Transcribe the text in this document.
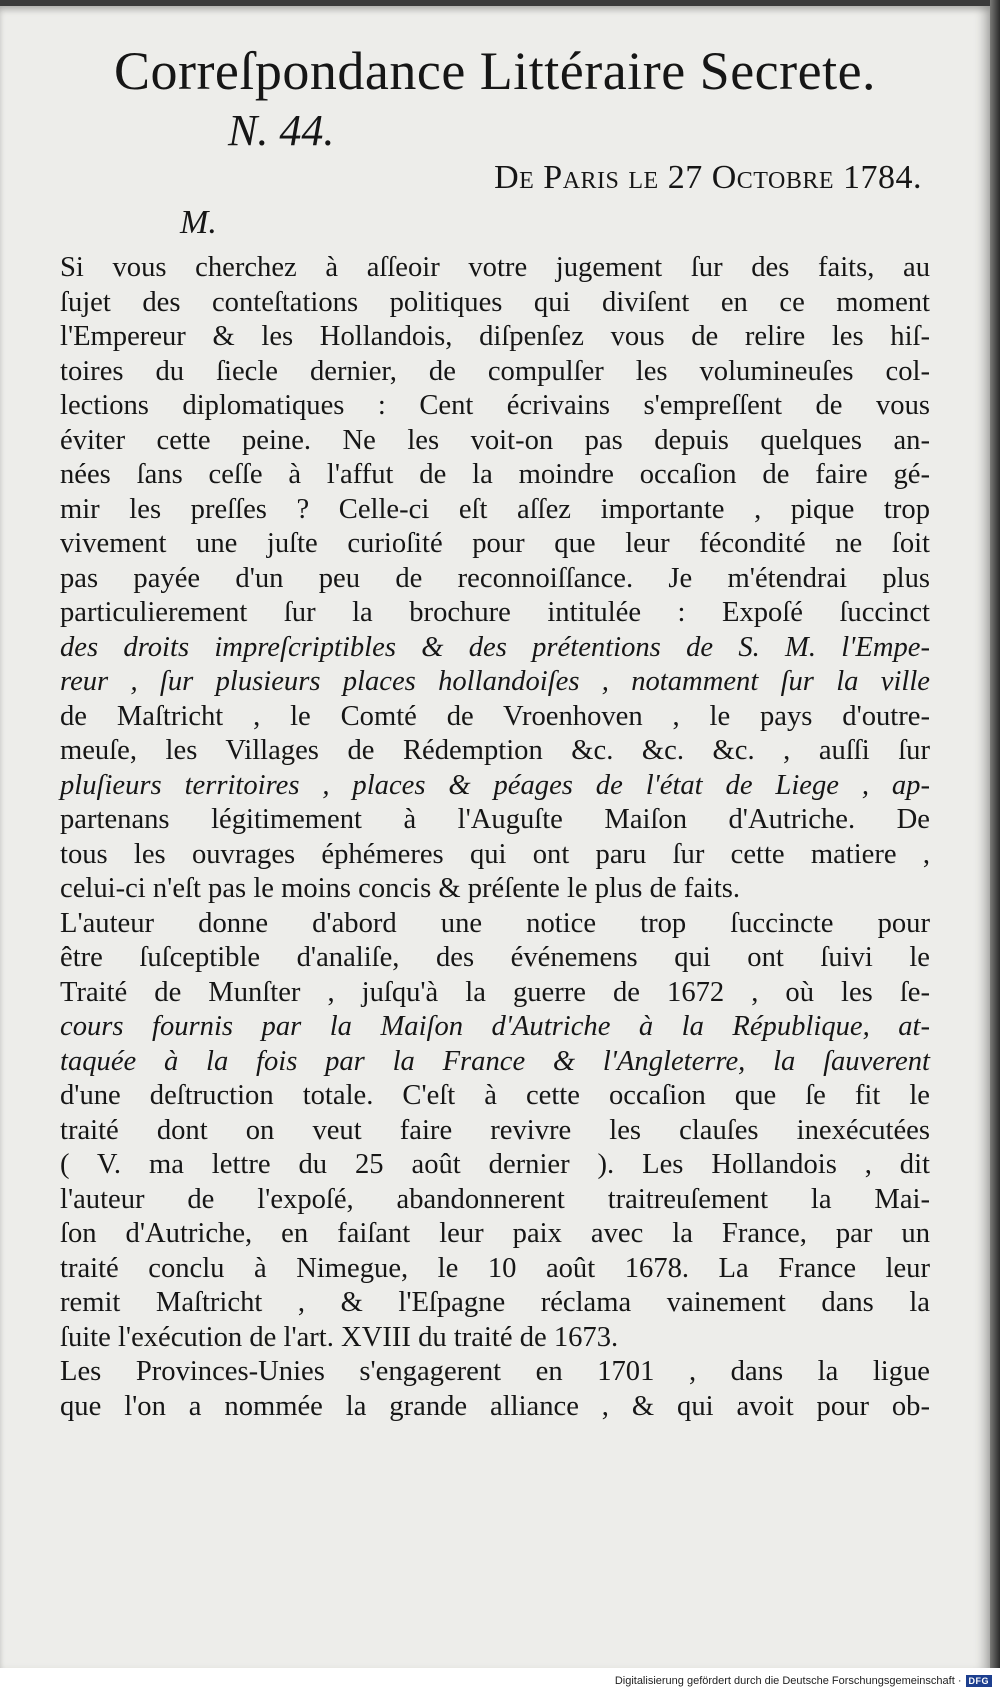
Correſpondance Littéraire Secrete.
N. 44.
De Paris le 27 Octobre 1784.
M.
Si vous cherchez à aſſeoir votre jugement ſur des faits, au
ſujet des conteſtations politiques qui diviſent en ce moment
l'Empereur & les Hollandois, diſpenſez vous de relire les hiſ-
toires du ſiecle dernier, de compulſer les volumineuſes col-
lections diplomatiques : Cent écrivains s'empreſſent de vous
éviter cette peine. Ne les voit-on pas depuis quelques an-
nées ſans ceſſe à l'affut de la moindre occaſion de faire gé-
mir les preſſes ? Celle-ci eſt aſſez importante , pique trop
vivement une juſte curioſité pour que leur fécondité ne ſoit
pas payée d'un peu de reconnoiſſance. Je m'étendrai plus
particulierement ſur la brochure intitulée : Expoſé ſuccinct
des droits impreſcriptibles & des prétentions de S. M. l'Empe-
reur , ſur plusieurs places hollandoiſes , notamment ſur la ville
de Maſtricht , le Comté de Vroenhoven , le pays d'outre-
meuſe, les Villages de Rédemption &c. &c. &c. , auſſi ſur
pluſieurs territoires , places & péages de l'état de Liege , ap-
partenans légitimement à l'Auguſte Maiſon d'Autriche. De
tous les ouvrages éphémeres qui ont paru ſur cette matiere ,
celui-ci n'eſt pas le moins concis & préſente le plus de faits.
L'auteur donne d'abord une notice trop ſuccincte pour
être ſuſceptible d'analiſe, des événemens qui ont ſuivi le
Traité de Munſter , juſqu'à la guerre de 1672 , où les ſe-
cours fournis par la Maiſon d'Autriche à la République, at-
taquée à la fois par la France & l'Angleterre, la ſauverent
d'une deſtruction totale. C'eſt à cette occaſion que ſe fit le
traité dont on veut faire revivre les clauſes inexécutées
( V. ma lettre du 25 août dernier ). Les Hollandois , dit
l'auteur de l'expoſé, abandonnerent traitreuſement la Mai-
ſon d'Autriche, en faiſant leur paix avec la France, par un
traité conclu à Nimegue, le 10 août 1678. La France leur
remit Maſtricht , & l'Eſpagne réclama vainement dans la
ſuite l'exécution de l'art. XVIII du traité de 1673.
Les Provinces-Unies s'engagerent en 1701 , dans la ligue
que l'on a nommée la grande alliance , & qui avoit pour ob-
Digitalisierung gefördert durch die Deutsche Forschungsgemeinschaft · DFG
